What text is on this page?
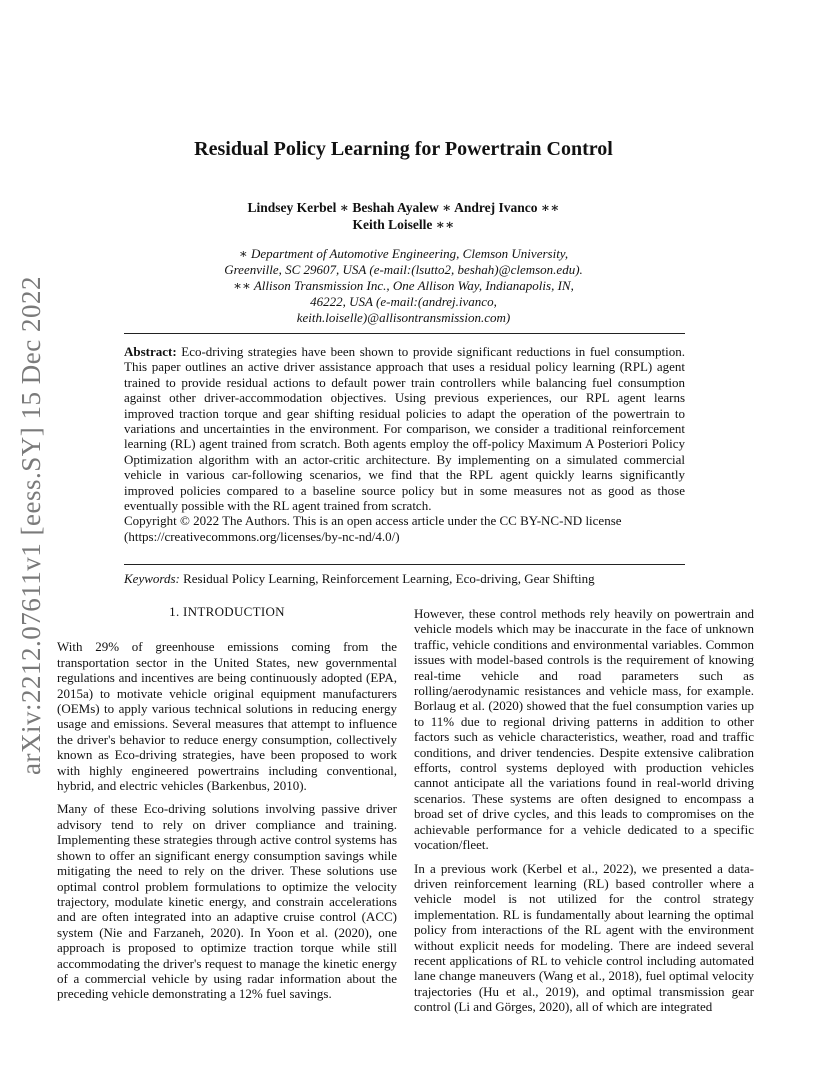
arXiv:2212.07611v1 [eess.SY] 15 Dec 2022
Residual Policy Learning for Powertrain Control
Lindsey Kerbel ∗ Beshah Ayalew ∗ Andrej Ivanco ∗∗
Keith Loiselle ∗∗
∗ Department of Automotive Engineering, Clemson University,
Greenville, SC 29607, USA (e-mail:(lsutto2, beshah)@clemson.edu).
∗∗ Allison Transmission Inc., One Allison Way, Indianapolis, IN,
46222, USA (e-mail:(andrej.ivanco,
keith.loiselle)@allisontransmission.com)
Abstract: Eco-driving strategies have been shown to provide significant reductions in fuel consumption. This paper outlines an active driver assistance approach that uses a residual policy learning (RPL) agent trained to provide residual actions to default power train controllers while balancing fuel consumption against other driver-accommodation objectives. Using previous experiences, our RPL agent learns improved traction torque and gear shifting residual policies to adapt the operation of the powertrain to variations and uncertainties in the environment. For comparison, we consider a traditional reinforcement learning (RL) agent trained from scratch. Both agents employ the off-policy Maximum A Posteriori Policy Optimization algorithm with an actor-critic architecture. By implementing on a simulated commercial vehicle in various car-following scenarios, we find that the RPL agent quickly learns significantly improved policies compared to a baseline source policy but in some measures not as good as those eventually possible with the RL agent trained from scratch.
Copyright © 2022 The Authors. This is an open access article under the CC BY-NC-ND license
(https://creativecommons.org/licenses/by-nc-nd/4.0/)
Keywords: Residual Policy Learning, Reinforcement Learning, Eco-driving, Gear Shifting
1. INTRODUCTION

With 29% of greenhouse emissions coming from the transportation sector in the United States, new governmental regulations and incentives are being continuously adopted (EPA, 2015a) to motivate vehicle original equipment manufacturers (OEMs) to apply various technical solutions in reducing energy usage and emissions. Several measures that attempt to influence the driver's behavior to reduce energy consumption, collectively known as Eco-driving strategies, have been proposed to work with highly engineered powertrains including conventional, hybrid, and electric vehicles (Barkenbus, 2010).

Many of these Eco-driving solutions involving passive driver advisory tend to rely on driver compliance and training. Implementing these strategies through active control systems has shown to offer an significant energy consumption savings while mitigating the need to rely on the driver. These solutions use optimal control problem formulations to optimize the velocity trajectory, modulate kinetic energy, and constrain accelerations and are often integrated into an adaptive cruise control (ACC) system (Nie and Farzaneh, 2020). In Yoon et al. (2020), one approach is proposed to optimize traction torque while still accommodating the driver's request to manage the kinetic energy of a commercial vehicle by using radar information about the preceding vehicle demonstrating a 12% fuel savings.

However, these control methods rely heavily on powertrain and vehicle models which may be inaccurate in the face of unknown traffic, vehicle conditions and environmental variables. Common issues with model-based controls is the requirement of knowing real-time vehicle and road parameters such as rolling/aerodynamic resistances and vehicle mass, for example. Borlaug et al. (2020) showed that the fuel consumption varies up to 11% due to regional driving patterns in addition to other factors such as vehicle characteristics, weather, road and traffic conditions, and driver tendencies. Despite extensive calibration efforts, control systems deployed with production vehicles cannot anticipate all the variations found in real-world driving scenarios. These systems are often designed to encompass a broad set of drive cycles, and this leads to compromises on the achievable performance for a vehicle dedicated to a specific vocation/fleet.

In a previous work (Kerbel et al., 2022), we presented a data-driven reinforcement learning (RL) based controller where a vehicle model is not utilized for the control strategy implementation. RL is fundamentally about learning the optimal policy from interactions of the RL agent with the environment without explicit needs for modeling. There are indeed several recent applications of RL to vehicle control including automated lane change maneuvers (Wang et al., 2018), fuel optimal velocity trajectories (Hu et al., 2019), and optimal transmission gear control (Li and Görges, 2020), all of which are integrated
